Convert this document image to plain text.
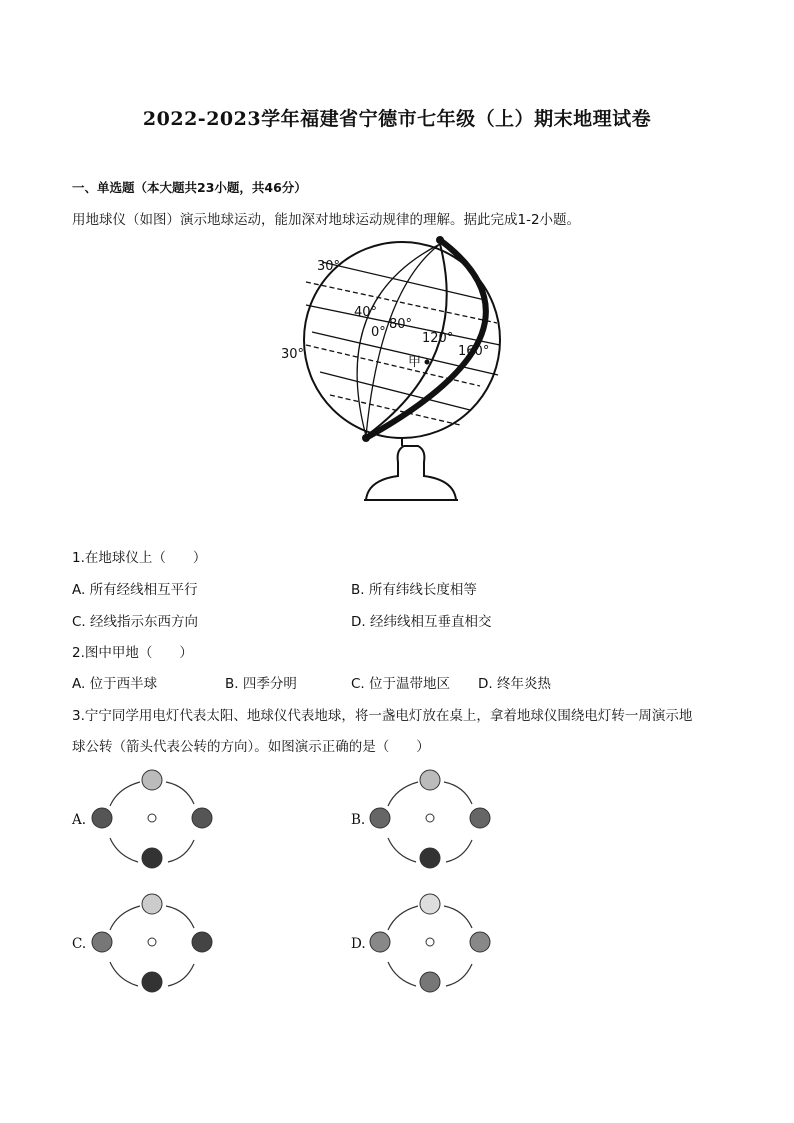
2022-2023学年福建省宁德市七年级（上）期末地理试卷
一、单选题（本大题共23小题，共46分）
用地球仪（如图）演示地球运动，能加深对地球运动规律的理解。据此完成1-2小题。
30°
30°
40°
0°
80°
120°
160°
甲
1.在地球仪上（　　）
A. 所有经线相互平行	B. 所有纬线长度相等
C. 经线指示东西方向	D. 经纬线相互垂直相交
2.图中甲地（　　）
A. 位于西半球	B. 四季分明	C. 位于温带地区 D. 终年炎热
3.宁宁同学用电灯代表太阳、地球仪代表地球，将一盏电灯放在桌上，拿着地球仪围绕电灯转一周演示地
球公转（箭头代表公转的方向）。如图演示正确的是（　　）
A.	B.
C.	D.
